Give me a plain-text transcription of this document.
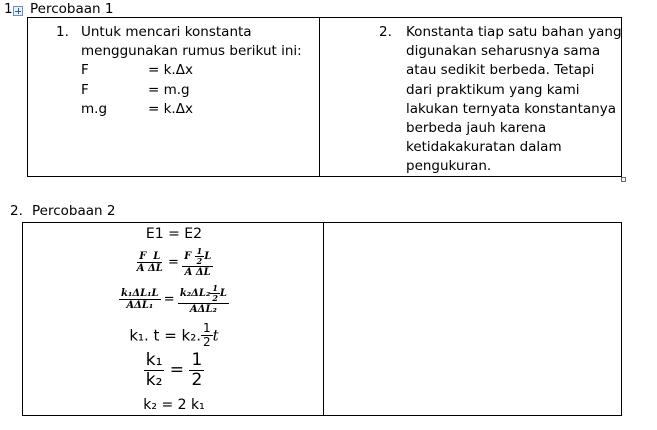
1 Percobaan 1
1. Untuk mencari konstanta
menggunakan rumus berikut ini:
F	= k.Δx
F	= m.g
m.g	= k.Δx
2. Konstanta tiap satu bahan yang
digunakan seharusnya sama
atau sedikit berbeda. Tetapi
dari praktikum yang kami
lakukan ternyata konstantanya
berbeda jauh karena
ketidakakuratan dalam
pengukuran.
2. Percobaan 2
E1 = E2
$\frac{\text{F L}}{\text{A ΔL}} = \frac{F \frac{1}{2} L}{\text{A ΔL}}$
$\frac{\text{k₁ΔL₁L}}{\text{AΔL₁}} = \frac{k_2\Delta L_2 \frac{1}{2} L}{\text{AΔL₂}}$
k₁. t = k₂. $\frac{1}{2}$ t
$\frac{\text{k₁}}{\text{k₂}} = \frac{1}{2}$
k₂ = 2 k₁
